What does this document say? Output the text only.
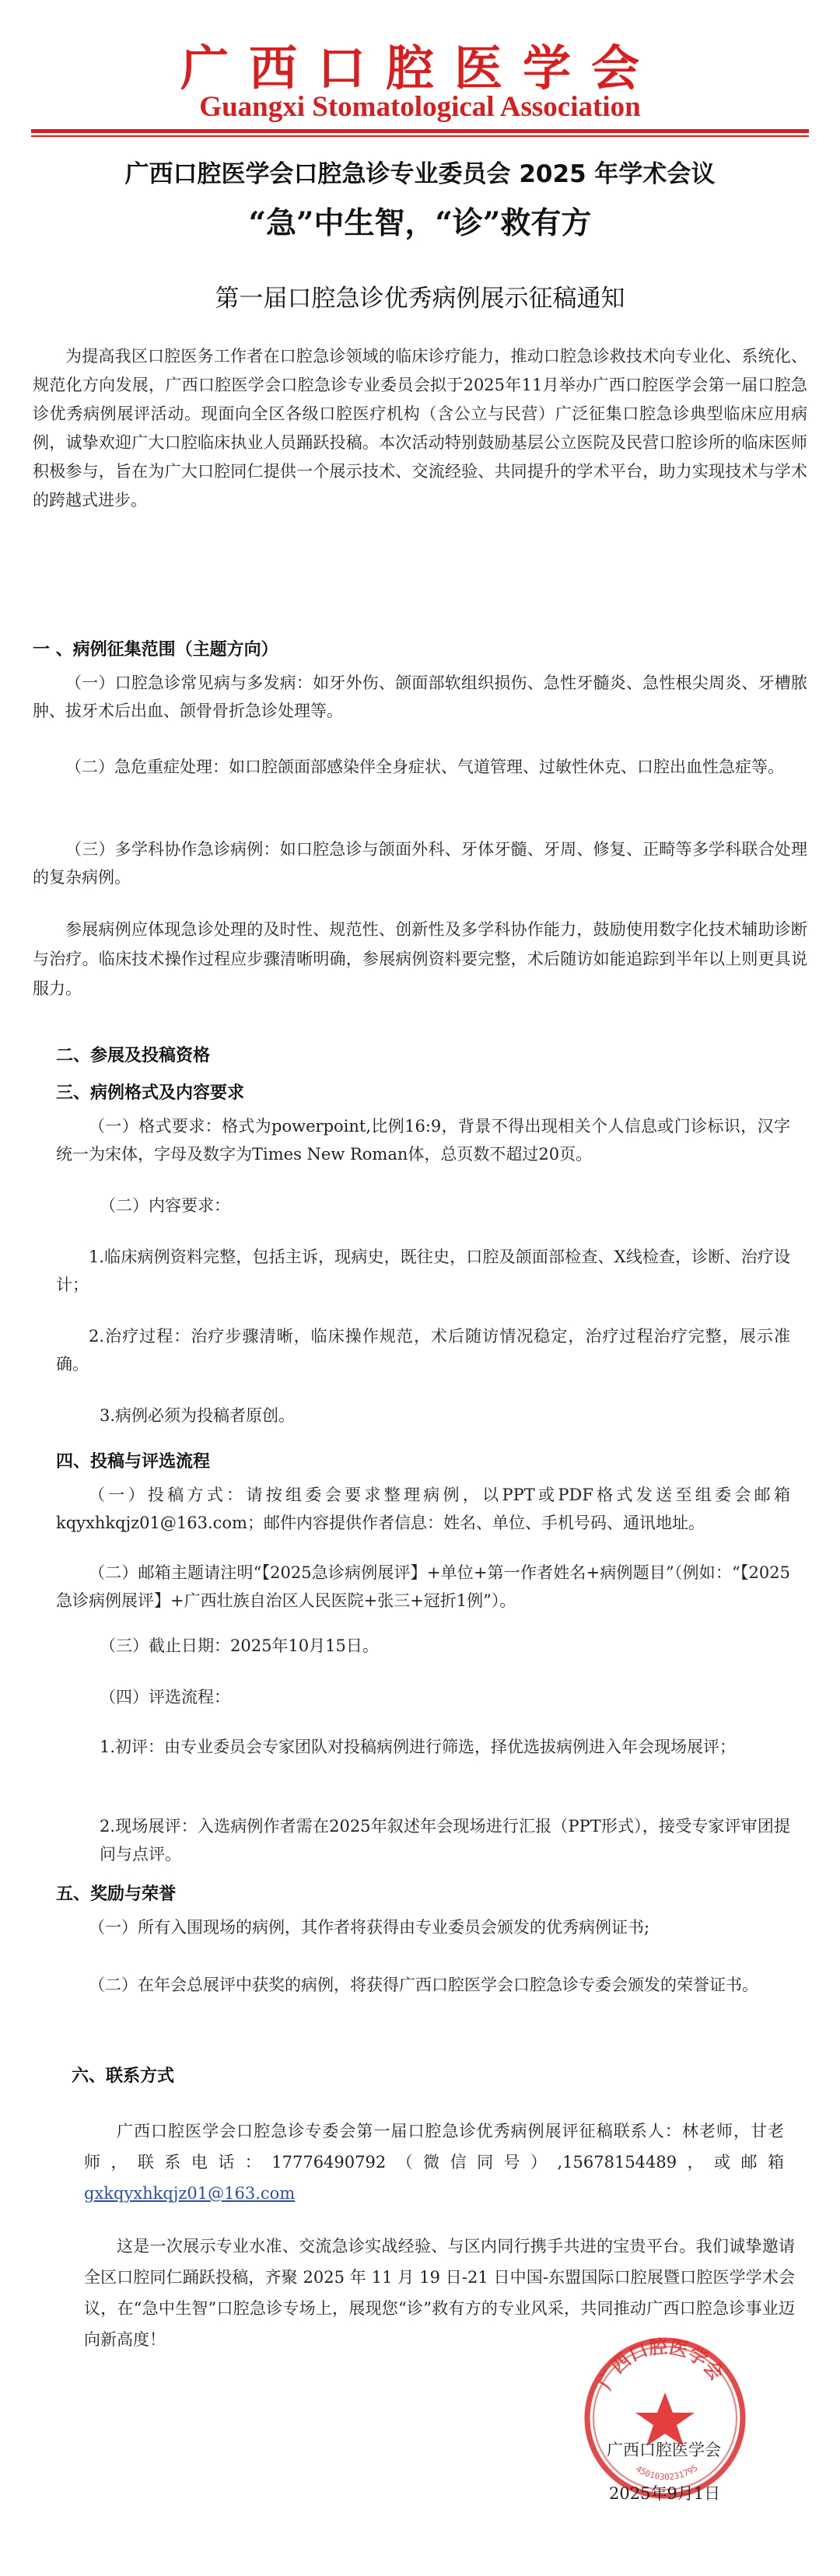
广西口腔医学会
Guangxi Stomatological Association
广西口腔医学会口腔急诊专业委员会 2025 年学术会议
“急”中生智，“诊”救有方
第一届口腔急诊优秀病例展示征稿通知

为提高我区口腔医务工作者在口腔急诊领域的临床诊疗能力，推动口腔急诊救技术向专业化、系统化、规范化方向发展，广西口腔医学会口腔急诊专业委员会拟于2025年11月举办广西口腔医学会第一届口腔急诊优秀病例展评活动。现面向全区各级口腔医疗机构（含公立与民营）广泛征集口腔急诊典型临床应用病例，诚挚欢迎广大口腔临床执业人员踊跃投稿。本次活动特别鼓励基层公立医院及民营口腔诊所的临床医师积极参与，旨在为广大口腔同仁提供一个展示技术、交流经验、共同提升的学术平台，助力实现技术与学术的跨越式进步。

一 、病例征集范围（主题方向）

（一）口腔急诊常见病与多发病：如牙外伤、颌面部软组织损伤、急性牙髓炎、急性根尖周炎、牙槽脓肿、拔牙术后出血、颌骨骨折急诊处理等。

（二）急危重症处理：如口腔颌面部感染伴全身症状、气道管理、过敏性休克、口腔出血性急症等。

（三）多学科协作急诊病例：如口腔急诊与颌面外科、牙体牙髓、牙周、修复、正畸等多学科联合处理的复杂病例。

参展病例应体现急诊处理的及时性、规范性、创新性及多学科协作能力，鼓励使用数字化技术辅助诊断与治疗。临床技术操作过程应步骤清晰明确，参展病例资料要完整，术后随访如能追踪到半年以上则更具说服力。

二、参展及投稿资格
三、病例格式及内容要求

（一）格式要求：格式为powerpoint,比例16:9，背景不得出现相关个人信息或门诊标识，汉字统一为宋体，字母及数字为Times New Roman体，总页数不超过20页。

（二）内容要求：

1.临床病例资料完整，包括主诉，现病史，既往史，口腔及颌面部检查、X线检查，诊断、治疗设计；

2.治疗过程：治疗步骤清晰，临床操作规范，术后随访情况稳定，治疗过程治疗完整，展示准确。

3.病例必须为投稿者原创。

四、投稿与评选流程

（一）投稿方式：请按组委会要求整理病例，以PPT或PDF格式发送至组委会邮箱kqyxhkqjz01@163.com；邮件内容提供作者信息：姓名、单位、手机号码、通讯地址。

（二）邮箱主题请注明“【2025急诊病例展评】+单位+第一作者姓名+病例题目”（例如：“【2025急诊病例展评】+广西壮族自治区人民医院+张三+冠折1例”）。

（三）截止日期：2025年10月15日。

（四）评选流程：

1.初评：由专业委员会专家团队对投稿病例进行筛选，择优选拔病例进入年会现场展评；

2.现场展评：入选病例作者需在2025年叙述年会现场进行汇报（PPT形式），接受专家评审团提问与点评。

五、奖励与荣誉

（一）所有入围现场的病例，其作者将获得由专业委员会颁发的优秀病例证书;

（二）在年会总展评中获奖的病例，将获得广西口腔医学会口腔急诊专委会颁发的荣誉证书。

六、联系方式

广西口腔医学会口腔急诊专委会第一届口腔急诊优秀病例展评征稿联系人：林老师，甘老师，联系电话：17776490792（微信同号）,15678154489，或邮箱 gxkqyxhkqjz01@163.com

这是一次展示专业水准、交流急诊实战经验、与区内同行携手共进的宝贵平台。我们诚挚邀请全区口腔同仁踊跃投稿，齐聚 2025 年 11 月 19 日-21 日中国-东盟国际口腔展暨口腔医学学术会议，在“急中生智”口腔急诊专场上，展现您“诊”救有方的专业风采，共同推动广西口腔急诊事业迈向新高度！

广西口腔医学会
4501030231795
广西口腔医学会
2025年9月1日
